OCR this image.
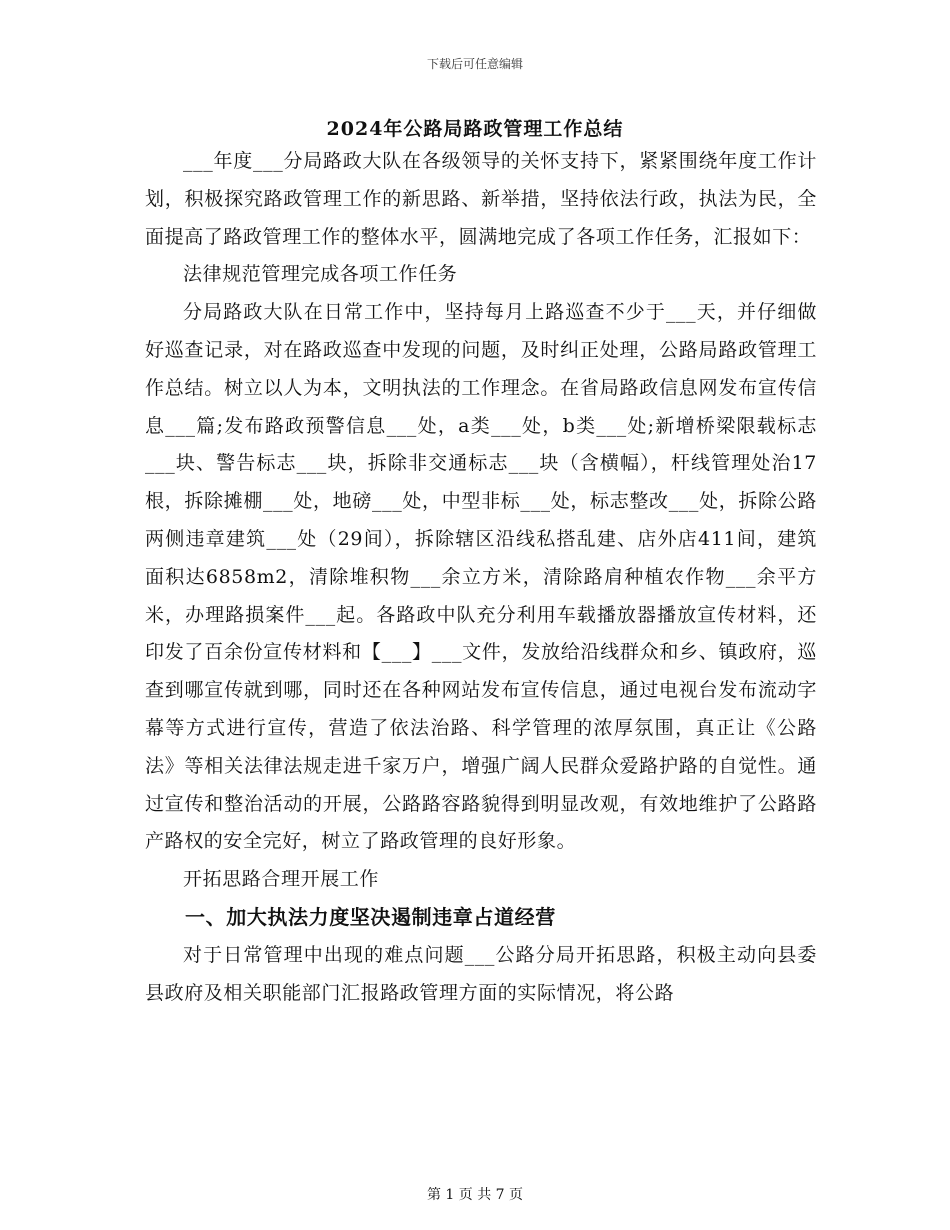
下载后可任意编辑
2024年公路局路政管理工作总结

___年度___分局路政大队在各级领导的关怀支持下，紧紧围绕年度工作计划，积极探究路政管理工作的新思路、新举措，坚持依法行政，执法为民，全面提高了路政管理工作的整体水平，圆满地完成了各项工作任务，汇报如下：

法律规范管理完成各项工作任务

分局路政大队在日常工作中，坚持每月上路巡查不少于___天，并仔细做好巡查记录，对在路政巡查中发现的问题，及时纠正处理，公路局路政管理工作总结。树立以人为本，文明执法的工作理念。在省局路政信息网发布宣传信息___篇;发布路政预警信息___处，a类___处，b类___处;新增桥梁限载标志___块、警告标志___块，拆除非交通标志___块（含横幅），杆线管理处治17根，拆除摊棚___处，地磅___处，中型非标___处，标志整改___处，拆除公路两侧违章建筑___处（29间），拆除辖区沿线私搭乱建、店外店411间，建筑面积达6858m2，清除堆积物___余立方米，清除路肩种植农作物___余平方米，办理路损案件___起。各路政中队充分利用车载播放器播放宣传材料，还印发了百余份宣传材料和【___】___文件，发放给沿线群众和乡、镇政府，巡查到哪宣传就到哪，同时还在各种网站发布宣传信息，通过电视台发布流动字幕等方式进行宣传，营造了依法治路、科学管理的浓厚氛围，真正让《公路法》等相关法律法规走进千家万户，增强广阔人民群众爱路护路的自觉性。通过宣传和整治活动的开展，公路路容路貌得到明显改观，有效地维护了公路路产路权的安全完好，树立了路政管理的良好形象。

开拓思路合理开展工作

一、加大执法力度坚决遏制违章占道经营

对于日常管理中出现的难点问题___公路分局开拓思路，积极主动向县委县政府及相关职能部门汇报路政管理方面的实际情况，将公路

第 1 页 共 7 页
